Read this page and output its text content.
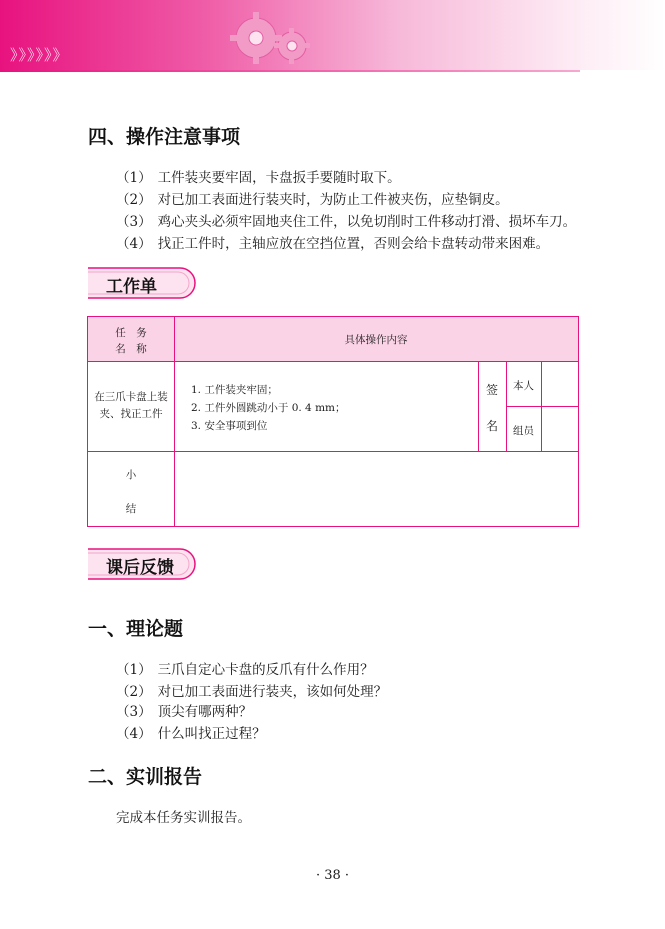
》》》》》》
四、操作注意事项
（1） 工件装夹要牢固，卡盘扳手要随时取下。
（2） 对已加工表面进行装夹时，为防止工件被夹伤，应垫铜皮。
（3） 鸡心夹头必须牢固地夹住工件，以免切削时工件移动打滑、损坏车刀。
（4） 找正工件时，主轴应放在空挡位置，否则会给卡盘转动带来困难。
工作单
任　务
名　称
具体操作内容
在三爪卡盘上装
夹、找正工件
1. 工件装夹牢固；
2. 工件外圆跳动小于 0. 4 mm；
3. 安全事项到位
签
名
本人
组员
小
结
课后反馈
一、理论题
（1） 三爪自定心卡盘的反爪有什么作用？
（2） 对已加工表面进行装夹，该如何处理？
（3） 顶尖有哪两种？
（4） 什么叫找正过程？
二、实训报告
完成本任务实训报告。
· 38 ·
